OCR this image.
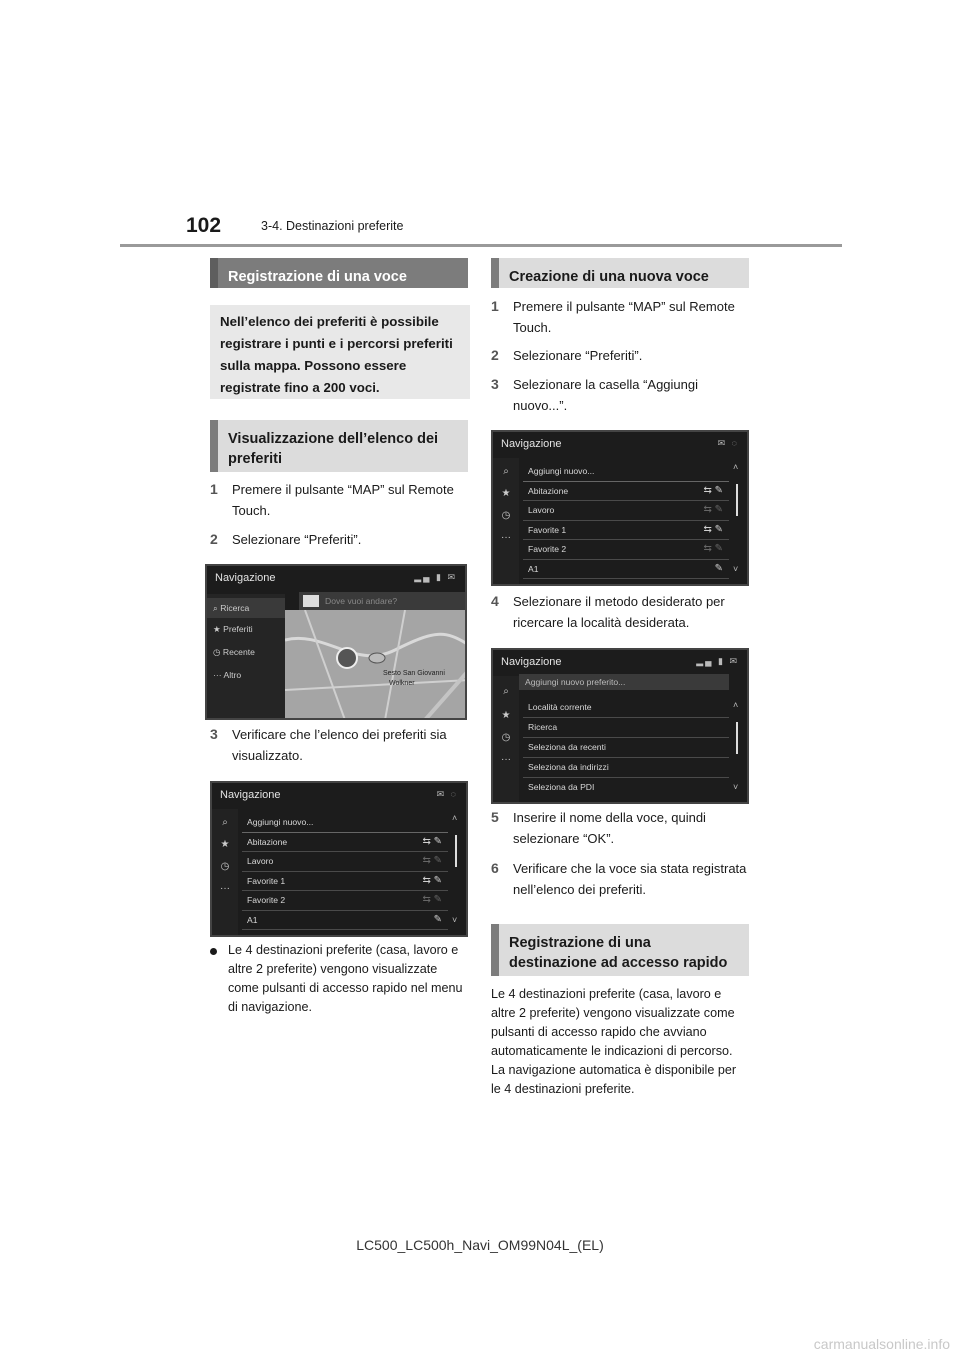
102	3-4. Destinazioni preferite
Registrazione di una voce
Nell’elenco dei preferiti è possibile registrare i punti e i percorsi preferiti sulla mappa. Possono essere registrate fino a 200 voci.
Visualizzazione dell’elenco dei preferiti
1	Premere il pulsante “MAP” sul Remote Touch.
2	Selezionare “Preferiti”.
Navigazione	▂▄ ▮ ✉
Sesto San Giovanni
Wolkner
⌕ Ricerca
★ Preferiti
◷ Recente
··· Altro
Dove vuoi andare?
3	Verificare che l’elenco dei preferiti sia visualizzato.
Navigazione	✉ ◌
⌕
★
◷
···
Aggiungi nuovo...
Abitazione	⇆ ✎
Lavoro	⇆ ✎
Favorite 1	⇆ ✎
Favorite 2	⇆ ✎
A1	✎
˄
˅
Le 4 destinazioni preferite (casa, lavoro e altre 2 preferite) vengono visualizzate come pulsanti di accesso rapido nel menu di navigazione.
Creazione di una nuova voce
1	Premere il pulsante “MAP” sul Remote Touch.
2	Selezionare “Preferiti”.
3	Selezionare la casella “Aggiungi nuovo...”.
Navigazione	✉ ◌
⌕
★
◷
···
Aggiungi nuovo...
Abitazione	⇆ ✎
Lavoro	⇆ ✎
Favorite 1	⇆ ✎
Favorite 2	⇆ ✎
A1	✎
˄
˅
4	Selezionare il metodo desiderato per ricercare la località desiderata.
Navigazione	▂▄ ▮ ✉
⌕
★
◷
···
Aggiungi nuovo preferito...
Località corrente
Ricerca
Seleziona da recenti
Seleziona da indirizzi
Seleziona da PDI
˄
˅
5	Inserire il nome della voce, quindi selezionare “OK”.
6	Verificare che la voce sia stata registrata nell’elenco dei preferiti.
Registrazione di una destinazione ad accesso rapido
Le 4 destinazioni preferite (casa, lavoro e altre 2 preferite) vengono visualizzate come pulsanti di accesso rapido che avviano automaticamente le indicazioni di percorso. La navigazione automatica è disponibile per le 4 destinazioni preferite.
LC500_LC500h_Navi_OM99N04L_(EL)
carmanualsonline.info
